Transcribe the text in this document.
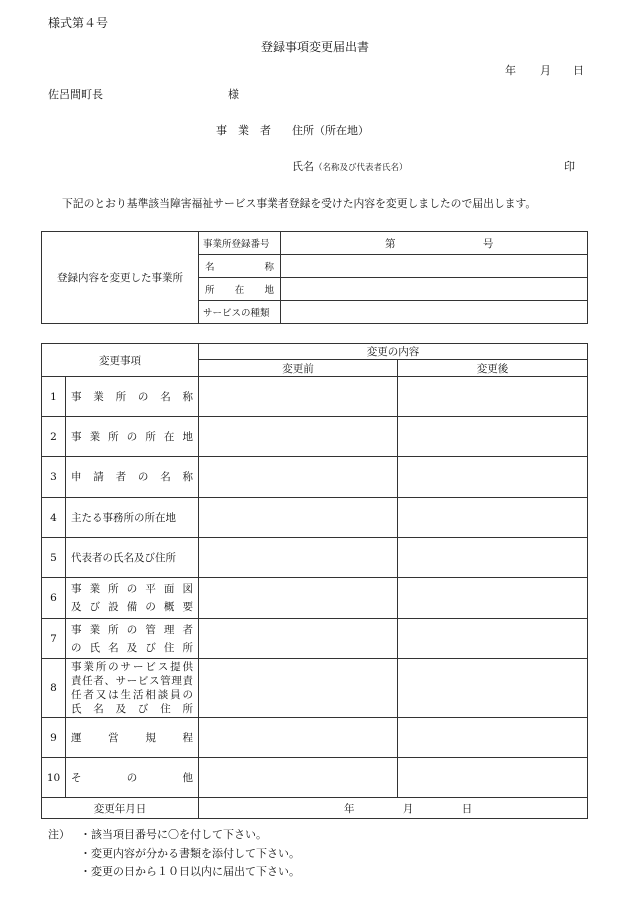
様式第４号
登録事項変更届出書
年 月 日
佐呂間町長	様
事　業　者 住所（所在地）
氏名（名称及び代表者氏名）	印
下記のとおり基準該当障害福祉サービス事業者登録を受けた内容を変更しましたので届出します。
登録内容を変更した事業所	事業所登録番号	第 号
	名　　　称	
	所　在　地	
	サービスの種類	
変更事項		変更の内容	
		変更前	変更後
1	事業所の名称		

2	事業所の所在地		

3	申請者の名称		

4	主たる事務所の所在地		

5	代表者の氏名及び住所		

6	事業所の平面図
及び設備の概要		

7	事業所の管理者
の氏名及び住所		

8	事業所のサービス提供
責任者、サービス管理責
任者又は生活相談員の
氏名及び住所		

9	運営規程		

10	その他		

変更年月日		年 月 日	
注） ・該当項目番号に〇を付して下さい。
・変更内容が分かる書類を添付して下さい。
・変更の日から１０日以内に届出て下さい。
